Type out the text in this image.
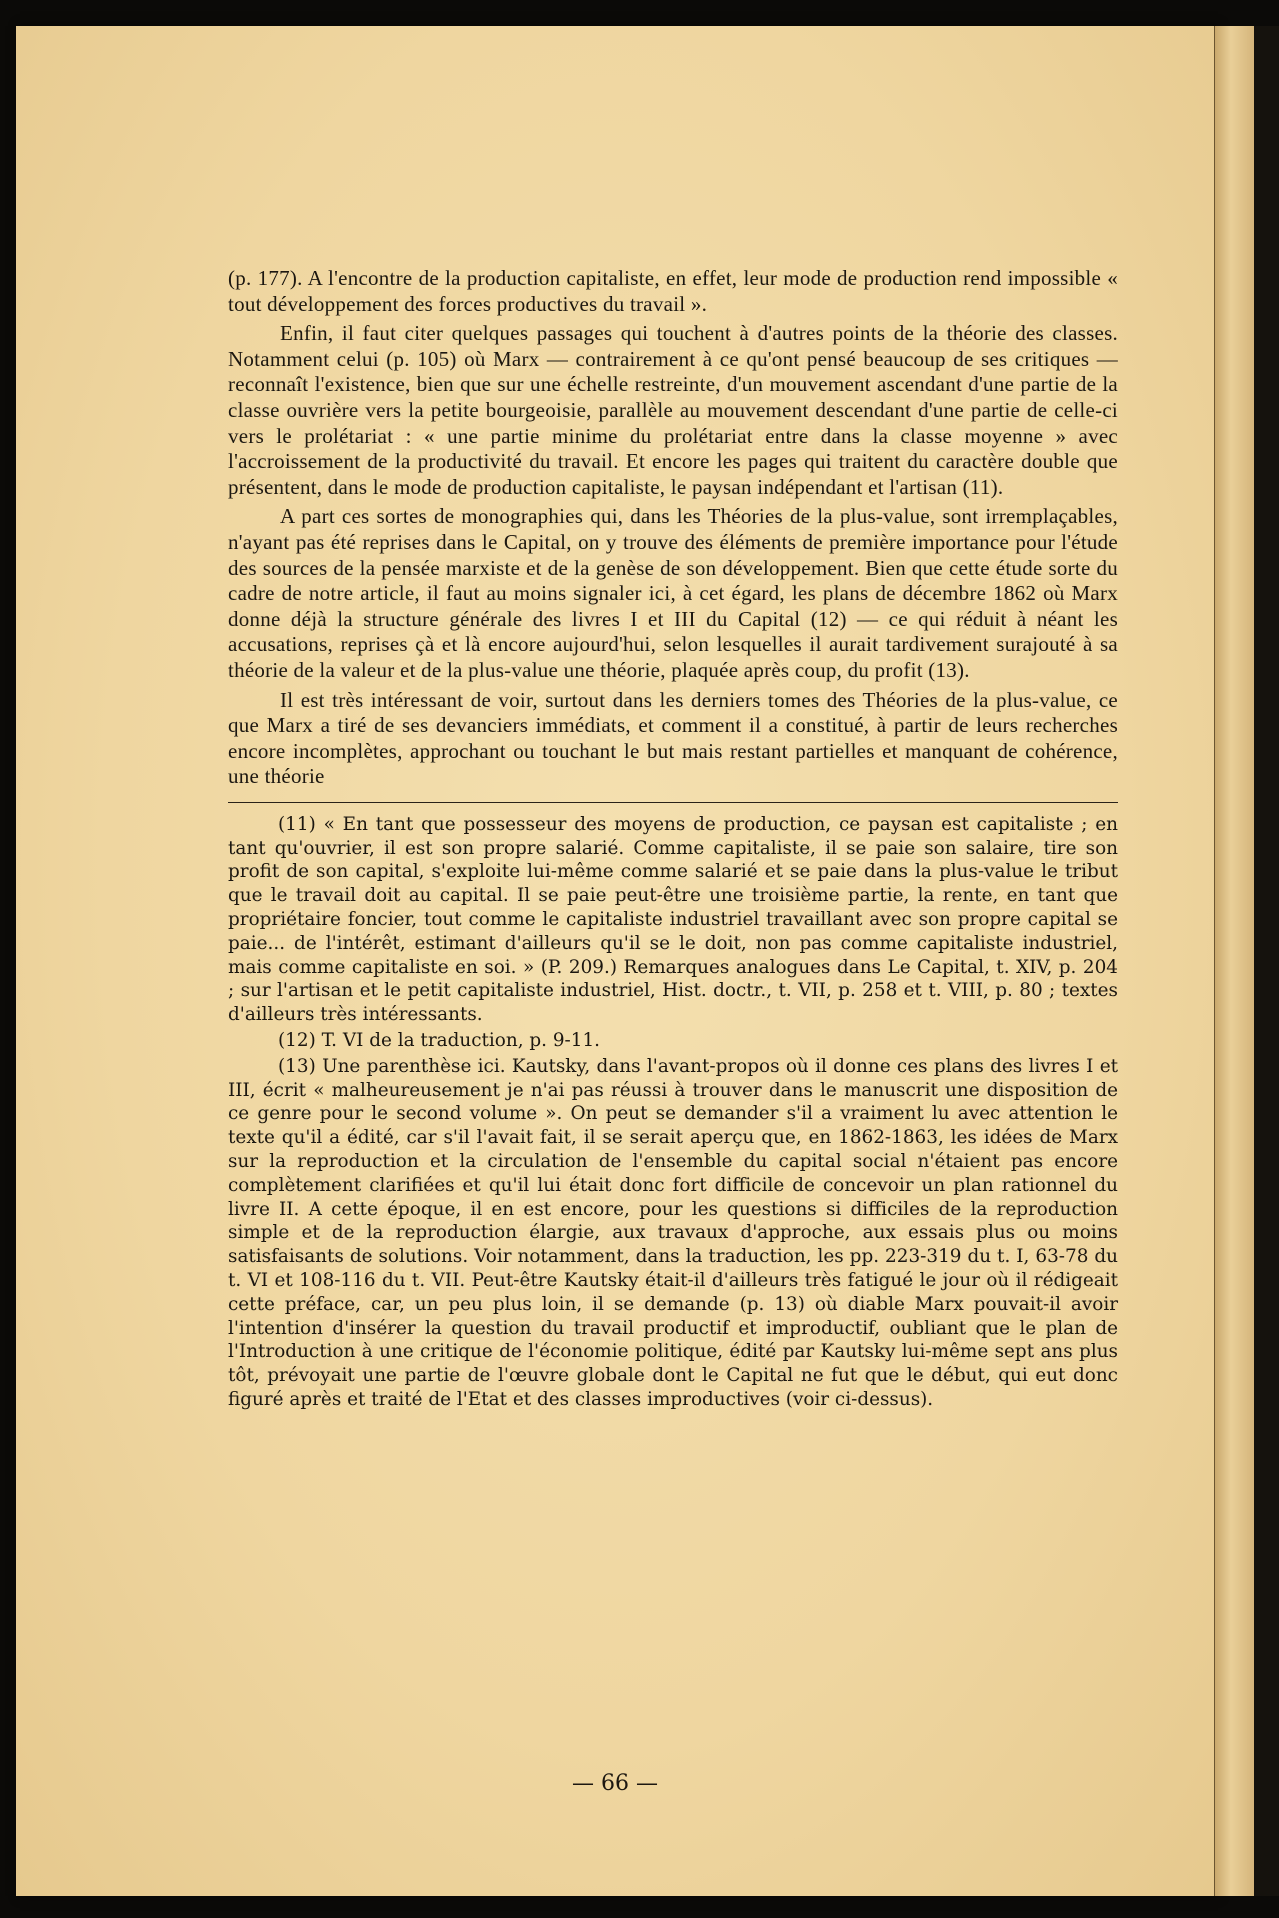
(p. 177). A l'encontre de la production capitaliste, en effet, leur mode de production rend impossible « tout développement des forces productives du travail ».

Enfin, il faut citer quelques passages qui touchent à d'autres points de la théorie des classes. Notamment celui (p. 105) où Marx — contrairement à ce qu'ont pensé beaucoup de ses critiques — reconnaît l'existence, bien que sur une échelle restreinte, d'un mouvement ascendant d'une partie de la classe ouvrière vers la petite bourgeoisie, parallèle au mouvement descendant d'une partie de celle-ci vers le prolétariat : « une partie minime du prolétariat entre dans la classe moyenne » avec l'accroissement de la productivité du travail. Et encore les pages qui traitent du caractère double que présentent, dans le mode de production capitaliste, le paysan indépendant et l'artisan (11).

A part ces sortes de monographies qui, dans les Théories de la plus-value, sont irremplaçables, n'ayant pas été reprises dans le Capital, on y trouve des éléments de première importance pour l'étude des sources de la pensée marxiste et de la genèse de son développement. Bien que cette étude sorte du cadre de notre article, il faut au moins signaler ici, à cet égard, les plans de décembre 1862 où Marx donne déjà la structure générale des livres I et III du Capital (12) — ce qui réduit à néant les accusations, reprises çà et là encore aujourd'hui, selon lesquelles il aurait tardivement surajouté à sa théorie de la valeur et de la plus-value une théorie, plaquée après coup, du profit (13).

Il est très intéressant de voir, surtout dans les derniers tomes des Théories de la plus-value, ce que Marx a tiré de ses devanciers immédiats, et comment il a constitué, à partir de leurs recherches encore incomplètes, approchant ou touchant le but mais restant partielles et manquant de cohérence, une théorie

(11) « En tant que possesseur des moyens de production, ce paysan est capitaliste ; en tant qu'ouvrier, il est son propre salarié. Comme capitaliste, il se paie son salaire, tire son profit de son capital, s'exploite lui-même comme salarié et se paie dans la plus-value le tribut que le travail doit au capital. Il se paie peut-être une troisième partie, la rente, en tant que propriétaire foncier, tout comme le capitaliste industriel travaillant avec son propre capital se paie... de l'intérêt, estimant d'ailleurs qu'il se le doit, non pas comme capitaliste industriel, mais comme capitaliste en soi. » (P. 209.) Remarques analogues dans Le Capital, t. XIV, p. 204 ; sur l'artisan et le petit capitaliste industriel, Hist. doctr., t. VII, p. 258 et t. VIII, p. 80 ; textes d'ailleurs très intéressants.

(12) T. VI de la traduction, p. 9-11.

(13) Une parenthèse ici. Kautsky, dans l'avant-propos où il donne ces plans des livres I et III, écrit « malheureusement je n'ai pas réussi à trouver dans le manuscrit une disposition de ce genre pour le second volume ». On peut se demander s'il a vraiment lu avec attention le texte qu'il a édité, car s'il l'avait fait, il se serait aperçu que, en 1862-1863, les idées de Marx sur la reproduction et la circulation de l'ensemble du capital social n'étaient pas encore complètement clarifiées et qu'il lui était donc fort difficile de concevoir un plan rationnel du livre II. A cette époque, il en est encore, pour les questions si difficiles de la reproduction simple et de la reproduction élargie, aux travaux d'approche, aux essais plus ou moins satisfaisants de solutions. Voir notamment, dans la traduction, les pp. 223-319 du t. I, 63-78 du t. VI et 108-116 du t. VII. Peut-être Kautsky était-il d'ailleurs très fatigué le jour où il rédigeait cette préface, car, un peu plus loin, il se demande (p. 13) où diable Marx pouvait-il avoir l'intention d'insérer la question du travail productif et improductif, oubliant que le plan de l'Introduction à une critique de l'économie politique, édité par Kautsky lui-même sept ans plus tôt, prévoyait une partie de l'œuvre globale dont le Capital ne fut que le début, qui eut donc figuré après et traité de l'Etat et des classes improductives (voir ci-dessus).

— 66 —
